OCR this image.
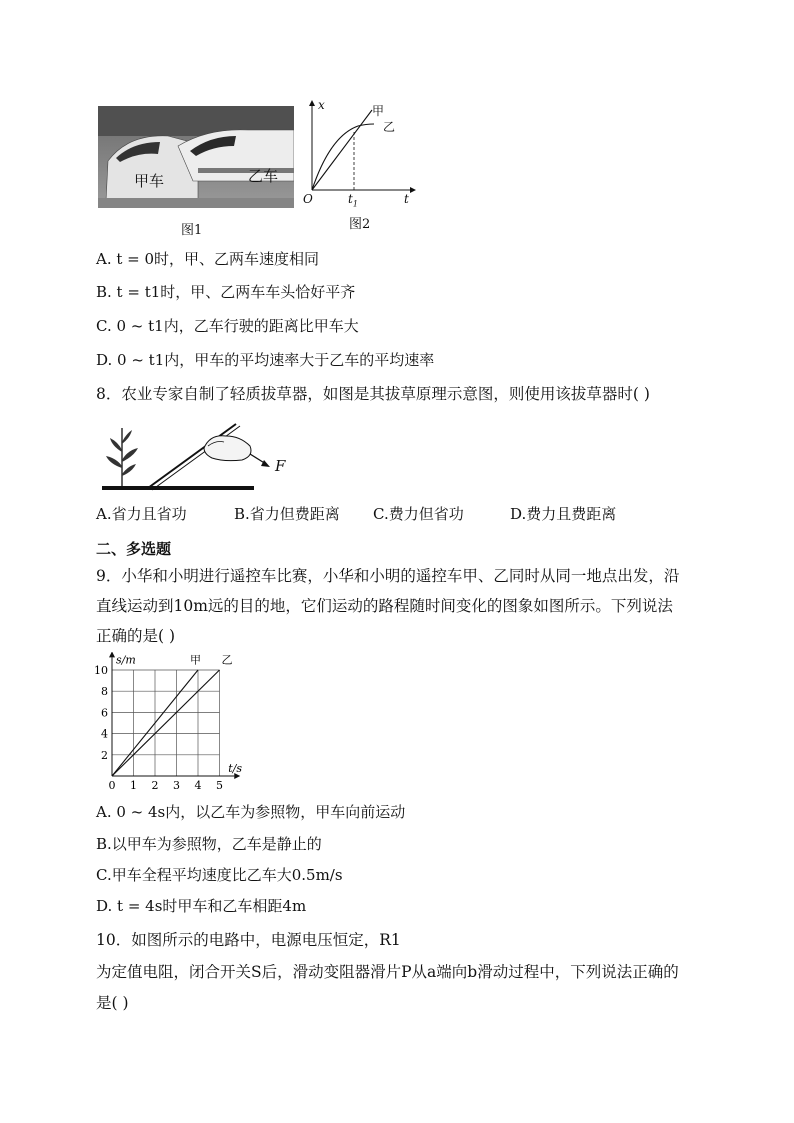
甲车	乙车
图1
x	甲
乙
O	$t_1$	t
图2
A. t = 0时，甲、乙两车速度相同
B. t = t1时，甲、乙两车车头恰好平齐
C. 0 ~ t1内，乙车行驶的距离比甲车大
D. 0 ~ t1内，甲车的平均速率大于乙车的平均速率
8．农业专家自制了轻质拔草器，如图是其拔草原理示意图，则使用该拔草器时( )
F
A.省力且省功	B.省力但费距离 C.费力但省功	D.费力且费距离
二、多选题
9．小华和小明进行遥控车比赛，小华和小明的遥控车甲、乙同时从同一地点出发，沿
直线运动到10m远的目的地，它们运动的路程随时间变化的图象如图所示。下列说法
正确的是( )
0 1 2 3 4 5
2
4
6
8
10
s/m
t/s
甲 乙
A. 0 ~ 4s内，以乙车为参照物，甲车向前运动
B.以甲车为参照物，乙车是静止的
C.甲车全程平均速度比乙车大0.5m/s
D. t = 4s时甲车和乙车相距4m
10．如图所示的电路中，电源电压恒定，R1
为定值电阻，闭合开关S后，滑动变阻器滑片P从a端向b滑动过程中，下列说法正确的
是( )
